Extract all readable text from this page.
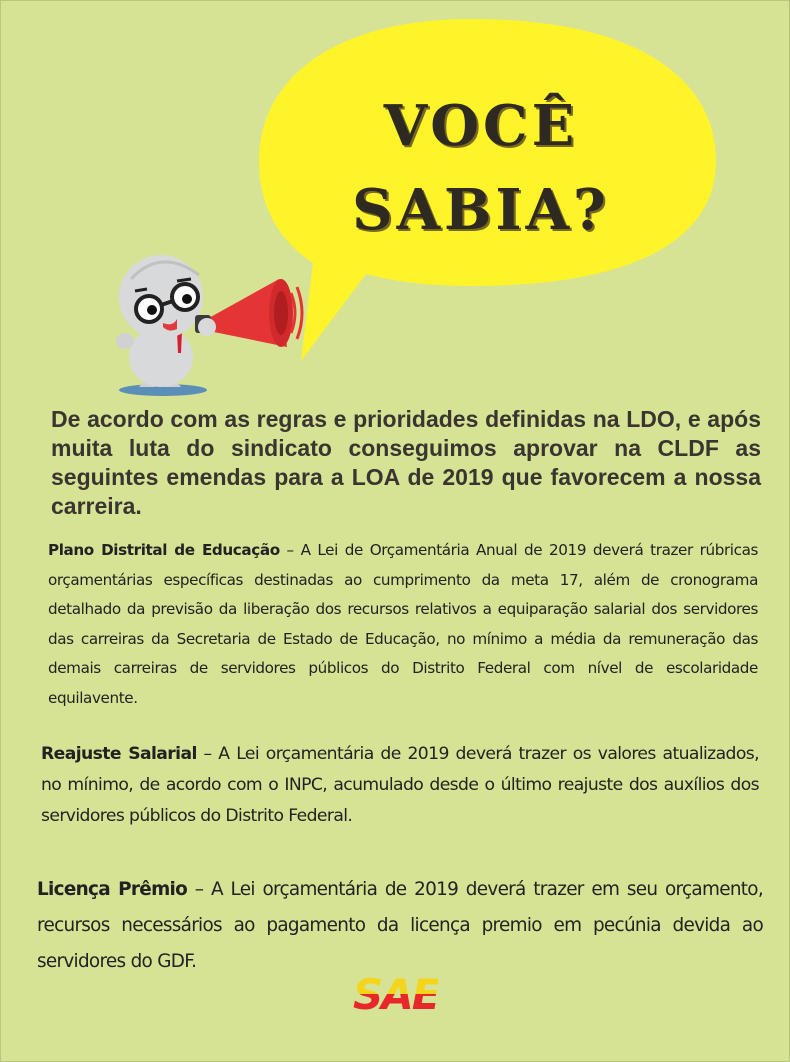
VOCÊ
SABIA?
De acordo com as regras e prioridades definidas na LDO, e após muita luta do sindicato conseguimos aprovar na CLDF as seguintes emendas para a LOA de 2019 que favorecem a nossa carreira.
Plano Distrital de Educação – A Lei de Orçamentária Anual de 2019 deverá trazer rúbricas orçamentárias específicas destinadas ao cumprimento da meta 17, além de cronograma detalhado da previsão da liberação dos recursos relativos a equiparação salarial dos servidores das carreiras da Secretaria de Estado de Educação, no mínimo a média da remuneração das demais carreiras de servidores públicos do Distrito Federal com nível de escolaridade equilavente.
Reajuste Salarial – A Lei orçamentária de 2019 deverá trazer os valores atualizados, no mínimo, de acordo com o INPC, acumulado desde o último reajuste dos auxílios dos servidores públicos do Distrito Federal.
Licença Prêmio – A Lei orçamentária de 2019 deverá trazer em seu orçamento, recursos necessários ao pagamento da licença premio em pecúnia devida ao servidores do GDF.
SAE
